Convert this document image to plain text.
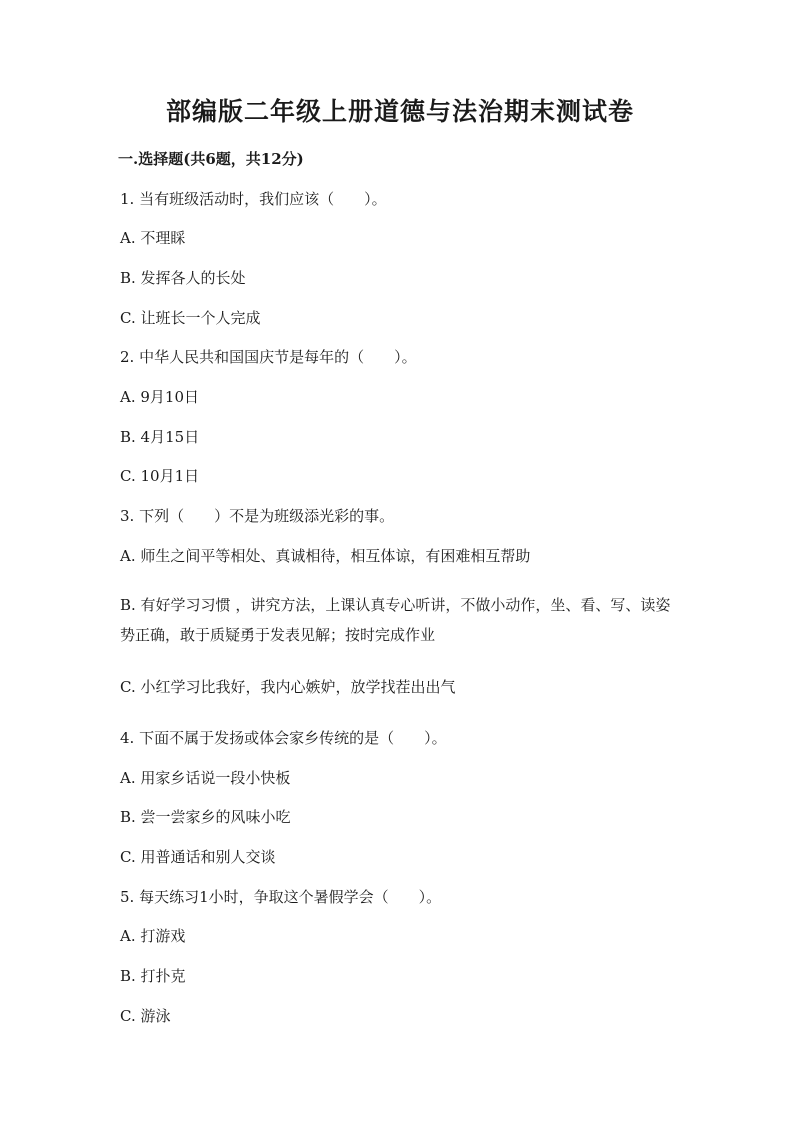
部编版二年级上册道德与法治期末测试卷
一.选择题(共6题，共12分)
1. 当有班级活动时，我们应该（　　）。
A. 不理睬
B. 发挥各人的长处
C. 让班长一个人完成
2. 中华人民共和国国庆节是每年的（　　）。
A. 9月10日
B. 4月15日
C. 10月1日
3. 下列（　　）不是为班级添光彩的事。
A. 师生之间平等相处、真诚相待，相互体谅，有困难相互帮助
B. 有好学习习惯 ，讲究方法，上课认真专心听讲，不做小动作，坐、看、写、读姿势正确，敢于质疑勇于发表见解；按时完成作业
C. 小红学习比我好，我内心嫉妒，放学找茬出出气
4. 下面不属于发扬或体会家乡传统的是（　　）。
A. 用家乡话说一段小快板
B. 尝一尝家乡的风味小吃
C. 用普通话和别人交谈
5. 每天练习1小时，争取这个暑假学会（　　）。
A. 打游戏
B. 打扑克
C. 游泳
